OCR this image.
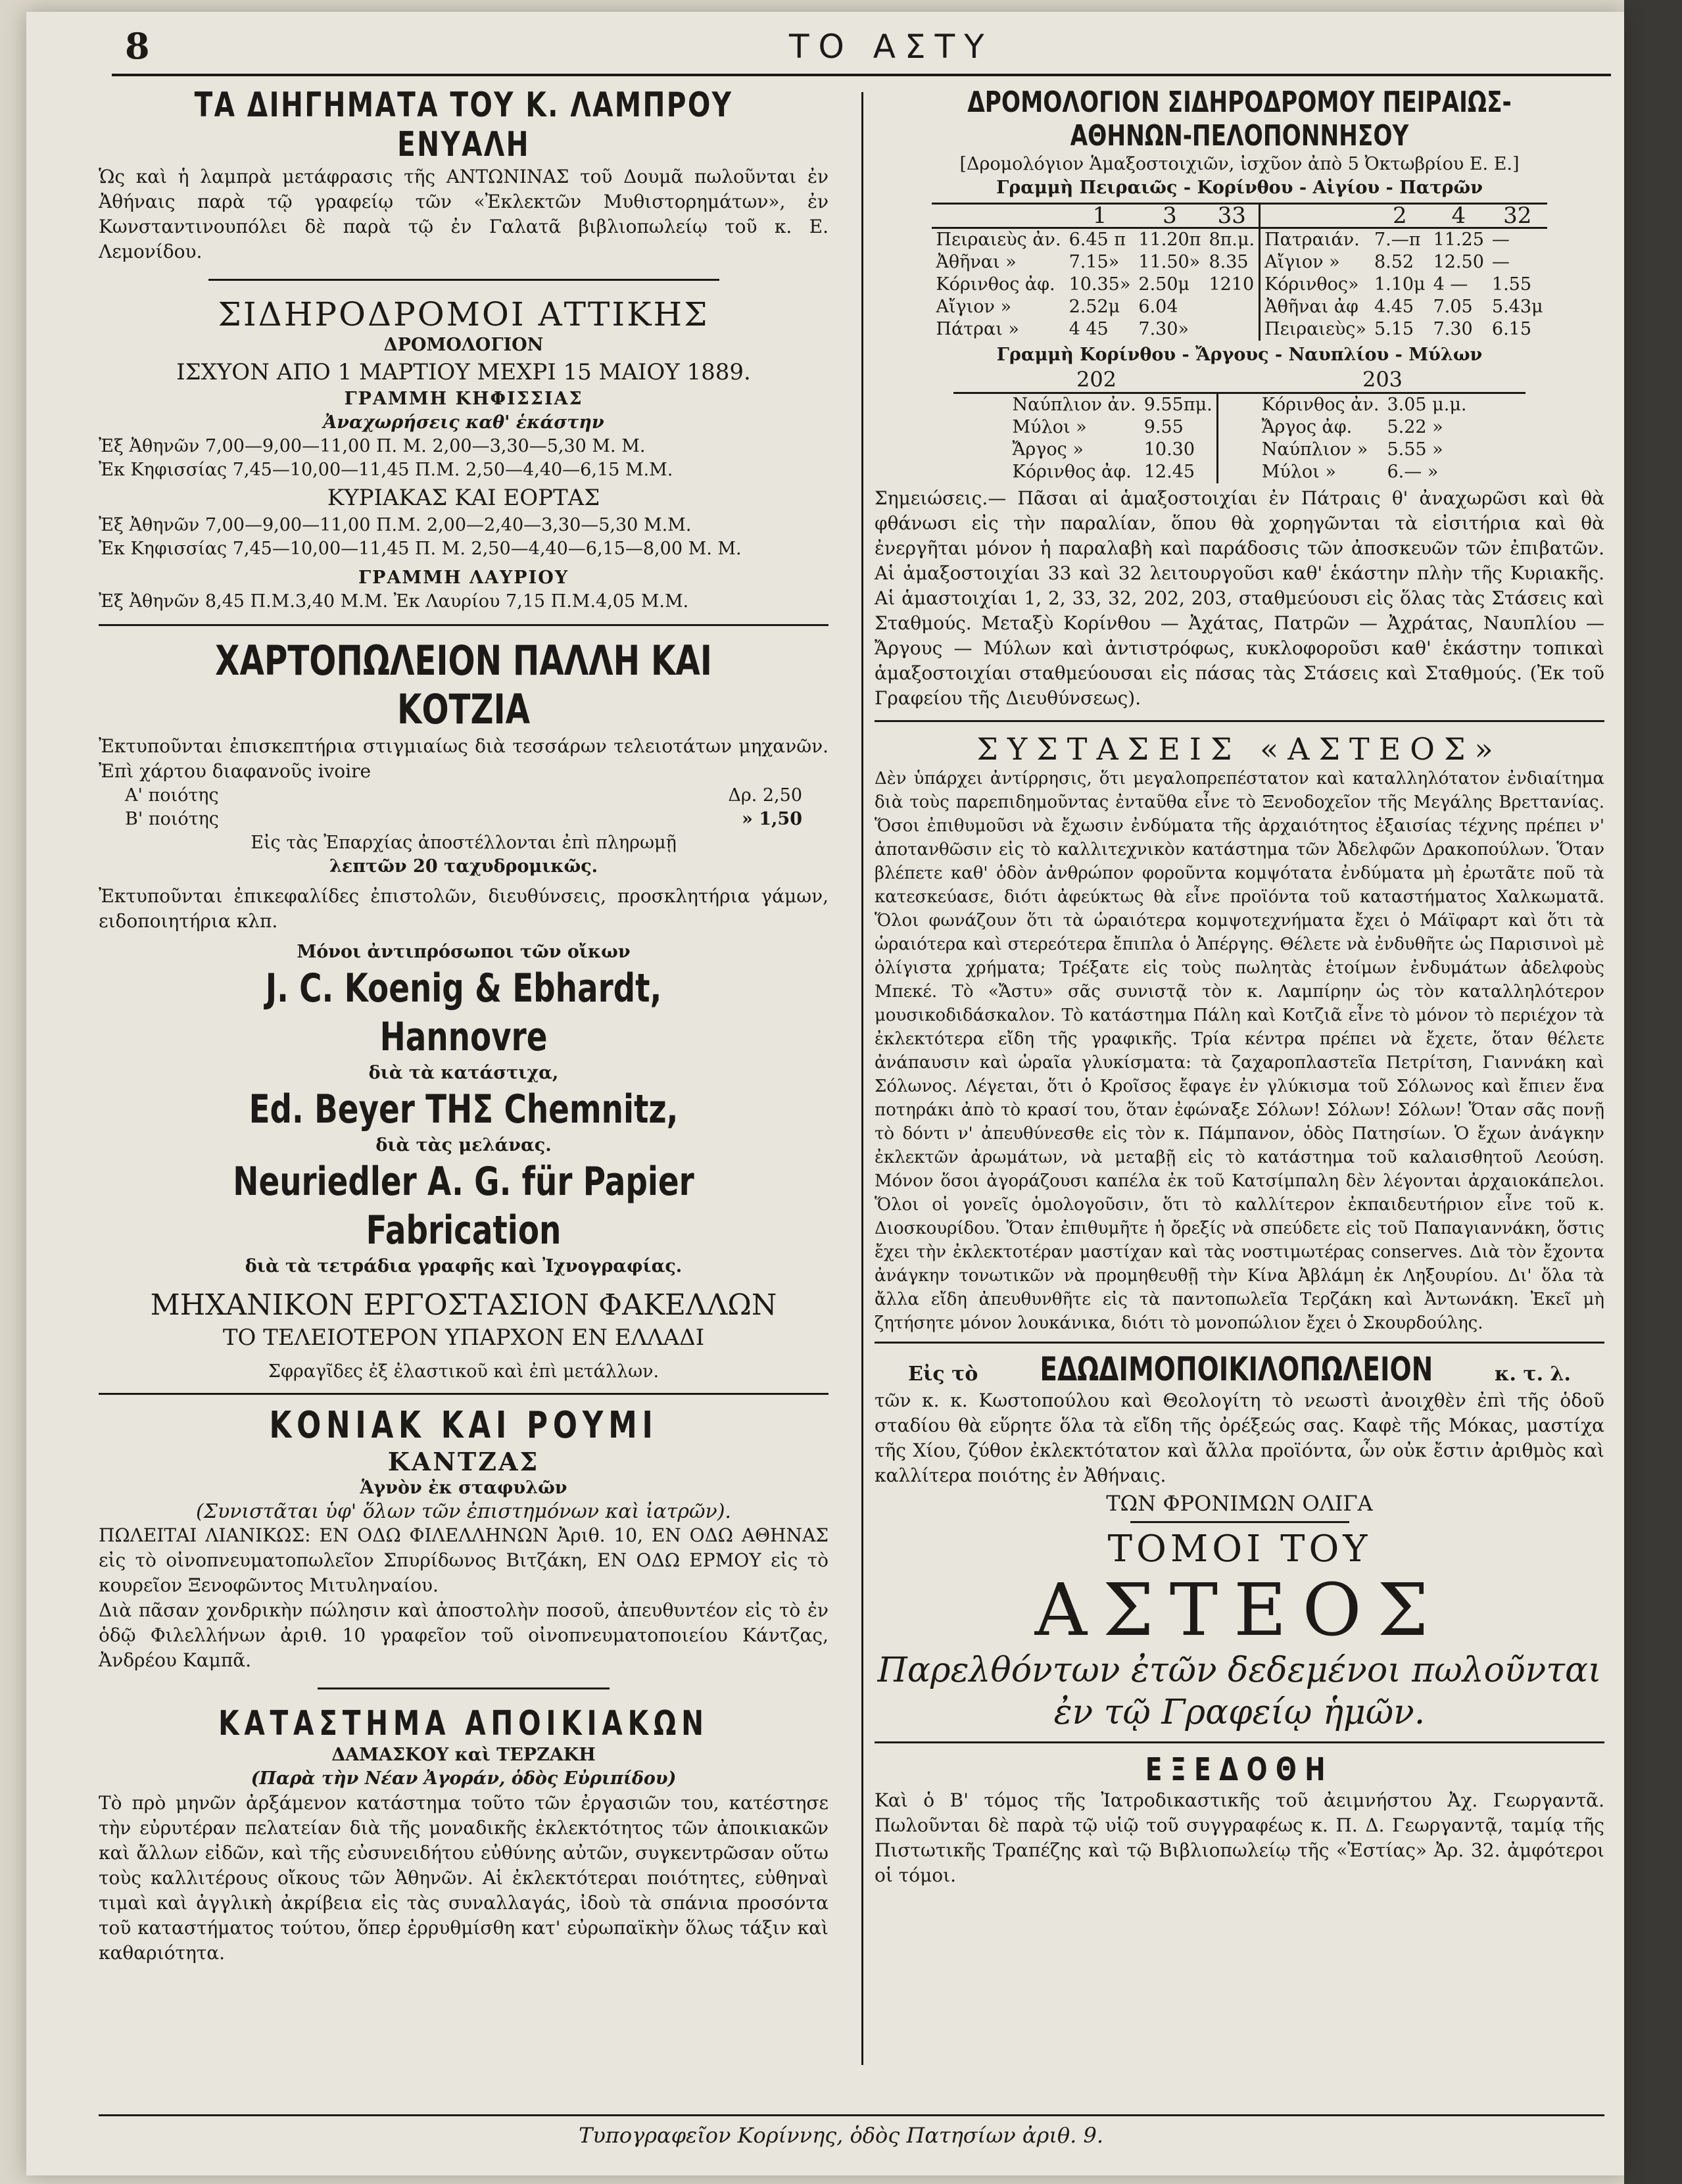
8	ΤΟ ΑΣΤΥ
ΤΑ ΔΙΗΓΗΜΑΤΑ ΤΟΥ Κ. ΛΑΜΠΡΟΥ ΕΝΥΑΛΗ
Ὡς καὶ ἡ λαμπρὰ μετάφρασις τῆς ΑΝΤΩΝΙΝΑΣ τοῦ Δουμᾶ πωλοῦνται ἐν Ἀθήναις παρὰ τῷ γραφείῳ τῶν «Ἐκλεκτῶν Μυθιστορημάτων», ἐν Κωνσταντινουπόλει δὲ παρὰ τῷ ἐν Γαλατᾶ βιβλιοπωλείῳ τοῦ κ. Ε. Λεμονίδου.
ΣΙΔΗΡΟΔΡΟΜΟΙ ΑΤΤΙΚΗΣ
ΔΡΟΜΟΛΟΓΙΟΝ
ΙΣΧΥΟΝ ΑΠΟ 1 ΜΑΡΤΙΟΥ ΜΕΧΡΙ 15 ΜΑΙΟΥ 1889.
ΓΡΑΜΜΗ ΚΗΦΙΣΣΙΑΣ
Ἀναχωρήσεις καθ' ἑκάστην
Ἐξ Ἀθηνῶν 7,00—9,00—11,00 Π. Μ. 2,00—3,30—5,30 Μ. Μ.
Ἐκ Κηφισσίας 7,45—10,00—11,45 Π.Μ. 2,50—4,40—6,15 Μ.Μ.
ΚΥΡΙΑΚΑΣ ΚΑΙ ΕΟΡΤΑΣ
Ἐξ Ἀθηνῶν 7,00—9,00—11,00 Π.Μ. 2,00—2,40—3,30—5,30 Μ.Μ.
Ἐκ Κηφισσίας 7,45—10,00—11,45 Π. Μ. 2,50—4,40—6,15—8,00 Μ. Μ.
ΓΡΑΜΜΗ ΛΑΥΡΙΟΥ
Ἐξ Ἀθηνῶν 8,45 Π.Μ.3,40 Μ.Μ. Ἐκ Λαυρίου 7,15 Π.Μ.4,05 Μ.Μ.
ΧΑΡΤΟΠΩΛΕΙΟΝ ΠΑΛΛΗ ΚΑΙ ΚΟΤΖΙΑ
Ἐκτυποῦνται ἐπισκεπτήρια στιγμιαίως διὰ τεσσάρων τελειοτάτων μηχανῶν. Ἐπὶ χάρτου διαφανοῦς ivoire
Α' ποιότης	Δρ. 2,50
Β' ποιότης	» 1,50
Εἰς τὰς Ἐπαρχίας ἀποστέλλονται ἐπὶ πληρωμῇ
λεπτῶν 20 ταχυδρομικῶς.
Ἐκτυποῦνται ἐπικεφαλίδες ἐπιστολῶν, διευθύνσεις, προσκλητήρια γάμων, ειδοποιητήρια κλπ.
Μόνοι ἀντιπρόσωποι τῶν οἴκων
J. C. Koenig & Ebhardt, Hannovre
διὰ τὰ κατάστιχα,
Ed. Beyer ΤΗΣ Chemnitz,
διὰ τὰς μελάνας.
Neuriedler A. G. für Papier Fabrication
διὰ τὰ τετράδια γραφῆς καὶ Ἰχνογραφίας.
ΜΗΧΑΝΙΚΟΝ ΕΡΓΟΣΤΑΣΙΟΝ ΦΑΚΕΛΛΩΝ
ΤΟ ΤΕΛΕΙΟΤΕΡΟΝ ΥΠΑΡΧΟΝ ΕΝ ΕΛΛΑΔΙ
Σφραγῖδες ἐξ ἐλαστικοῦ καὶ ἐπὶ μετάλλων.
ΚΟΝΙΑΚ ΚΑΙ ΡΟΥΜΙ
ΚΑΝΤΖΑΣ
Ἁγνὸν ἐκ σταφυλῶν
(Συνιστᾶται ὑφ' ὅλων τῶν ἐπιστημόνων καὶ ἰατρῶν).
ΠΩΛΕΙΤΑΙ ΛΙΑΝΙΚΩΣ: ΕΝ ΟΔΩ ΦΙΛΕΛΛΗΝΩΝ Ἀριθ. 10, ΕΝ ΟΔΩ ΑΘΗΝΑΣ εἰς τὸ οἰνοπνευματοπωλεῖον Σπυρίδωνος Βιτζάκη, ΕΝ ΟΔΩ ΕΡΜΟΥ εἰς τὸ κουρεῖον Ξενοφῶντος Μιτυληναίου.
Διὰ πᾶσαν χονδρικὴν πώλησιν καὶ ἀποστολὴν ποσοῦ, ἀπευθυντέον εἰς τὸ ἐν ὁδῷ Φιλελλήνων ἀριθ. 10 γραφεῖον τοῦ οἰνοπνευματοποιείου Κάντζας, Ἀνδρέου Καμπᾶ.
ΚΑΤΑΣΤΗΜΑ ΑΠΟΙΚΙΑΚΩΝ
ΔΑΜΑΣΚΟΥ καὶ ΤΕΡΖΑΚΗ
(Παρὰ τὴν Νέαν Ἀγοράν, ὁδὸς Εὐριπίδου)
Τὸ πρὸ μηνῶν ἀρξάμενον κατάστημα τοῦτο τῶν ἐργασιῶν του, κατέστησε τὴν εὐρυτέραν πελατείαν διὰ τῆς μοναδικῆς ἐκλεκτότητος τῶν ἀποικιακῶν καὶ ἄλλων εἰδῶν, καὶ τῆς εὐσυνειδήτου εὐθύνης αὐτῶν, συγκεντρῶσαν οὕτω τοὺς καλλιτέρους οἴκους τῶν Ἀθηνῶν. Αἱ ἐκλεκτότεραι ποιότητες, εὐθηναὶ τιμαὶ καὶ ἀγγλικὴ ἀκρίβεια εἰς τὰς συναλλαγάς, ἰδοὺ τὰ σπάνια προσόντα τοῦ καταστήματος τούτου, ὅπερ ἐρρυθμίσθη κατ' εὐρωπαϊκὴν ὅλως τάξιν καὶ καθαριότητα.
ΔΡΟΜΟΛΟΓΙΟΝ ΣΙΔΗΡΟΔΡΟΜΟΥ ΠΕΙΡΑΙΩΣ-ΑΘΗΝΩΝ-ΠΕΛΟΠΟΝΝΗΣΟΥ
[Δρομολόγιον Ἁμαξοστοιχιῶν, ἰσχῦον ἀπὸ 5 Ὀκτωβρίου Ε. Ε.]
Γραμμὴ Πειραιῶς - Κορίνθου - Αἰγίου - Πατρῶν
	1	3	33		2	4	32
Πειραιεὺς ἀν.	6.45 π	11.20π	8π.μ.	Πατραιάν.	7.—π	11.25	—
Ἀθῆναι »	7.15»	11.50»	8.35	Αἴγιον »	8.52	12.50	—
Κόρινθος ἀφ.	10.35»	2.50μ	1210	Κόρινθος»	1.10μ	4 —	1.55
Αἴγιον »	2.52μ	6.04		Ἀθῆναι ἀφ	4.45	7.05	5.43μ
Πάτραι »	4 45	7.30»		Πειραιεὺς»	5.15	7.30	6.15
Γραμμὴ Κορίνθου - Ἄργους - Ναυπλίου - Μύλων
202	203
Ναύπλιον ἀν.	9.55πμ.
Μύλοι »	9.55
Ἄργος »	10.30
Κόρινθος ἀφ.	12.45
Κόρινθος ἀν.	3.05 μ.μ.
Ἄργος ἀφ.	5.22 »
Ναύπλιον »	5.55 »
Μύλοι »	6.— »
Σημειώσεις.— Πᾶσαι αἱ ἁμαξοστοιχίαι ἐν Πάτραις θ' ἀναχωρῶσι καὶ θὰ φθάνωσι εἰς τὴν παραλίαν, ὅπου θὰ χορηγῶνται τὰ εἰσιτήρια καὶ θὰ ἐνεργῆται μόνον ἡ παραλαβὴ καὶ παράδοσις τῶν ἀποσκευῶν τῶν ἐπιβατῶν. Αἱ ἁμαξοστοιχίαι 33 καὶ 32 λειτουργοῦσι καθ' ἑκάστην πλὴν τῆς Κυριακῆς. Αἱ ἁμαστοιχίαι 1, 2, 33, 32, 202, 203, σταθμεύουσι εἰς ὅλας τὰς Στάσεις καὶ Σταθμούς. Μεταξὺ Κορίνθου — Ἀχάτας, Πατρῶν — Ἀχράτας, Ναυπλίου — Ἄργους — Μύλων καὶ ἀντιστρόφως, κυκλοφοροῦσι καθ' ἑκάστην τοπικαὶ ἁμαξοστοιχίαι σταθμεύουσαι εἰς πάσας τὰς Στάσεις καὶ Σταθμούς. (Ἐκ τοῦ Γραφείου τῆς Διευθύνσεως).
ΣΥΣΤΑΣΕΙΣ «ΑΣΤΕΟΣ»
Δὲν ὑπάρχει ἀντίρρησις, ὅτι μεγαλοπρεπέστατον καὶ καταλληλότατον ἐνδιαίτημα διὰ τοὺς παρεπιδημοῦντας ἐνταῦθα εἶνε τὸ Ξενοδοχεῖον τῆς Μεγάλης Βρεττανίας. Ὅσοι ἐπιθυμοῦσι νὰ ἔχωσιν ἐνδύματα τῆς ἀρχαιότητος ἐξαισίας τέχνης πρέπει ν' ἀποτανθῶσιν εἰς τὸ καλλιτεχνικὸν κατάστημα τῶν Ἀδελφῶν Δρακοπούλων. Ὅταν βλέπετε καθ' ὁδὸν ἀνθρώπον φοροῦντα κομψότατα ἐνδύματα μὴ ἐρωτᾶτε ποῦ τὰ κατεσκεύασε, διότι ἀφεύκτως θὰ εἶνε προϊόντα τοῦ καταστήματος Χαλκωματᾶ. Ὅλοι φωνάζουν ὅτι τὰ ὡραιότερα κομψοτεχνήματα ἔχει ὁ Μάϊφαρτ καὶ ὅτι τὰ ὡραιότερα καὶ στερεότερα ἔπιπλα ὁ Ἀπέργης. Θέλετε νὰ ἐνδυθῆτε ὡς Παρισινοὶ μὲ ὀλίγιστα χρήματα; Τρέξατε εἰς τοὺς πωλητὰς ἑτοίμων ἐνδυμάτων ἀδελφοὺς Μπεκέ. Τὸ «Ἄστυ» σᾶς συνιστᾷ τὸν κ. Λαμπίρην ὡς τὸν καταλληλότερον μουσικοδιδάσκαλον. Τὸ κατάστημα Πάλη καὶ Κοτζιᾶ εἶνε τὸ μόνον τὸ περιέχον τὰ ἐκλεκτότερα εἴδη τῆς γραφικῆς. Τρία κέντρα πρέπει νὰ ἔχετε, ὅταν θέλετε ἀνάπαυσιν καὶ ὡραῖα γλυκίσματα: τὰ ζαχαροπλαστεῖα Πετρίτση, Γιαννάκη καὶ Σόλωνος. Λέγεται, ὅτι ὁ Κροῖσος ἔφαγε ἐν γλύκισμα τοῦ Σόλωνος καὶ ἔπιεν ἕνα ποτηράκι ἀπὸ τὸ κρασί του, ὅταν ἐφώναξε Σόλων! Σόλων! Σόλων! Ὅταν σᾶς πονῇ τὸ δόντι ν' ἀπευθύνεσθε εἰς τὸν κ. Πάμπανον, ὁδὸς Πατησίων. Ὁ ἔχων ἀνάγκην ἐκλεκτῶν ἀρωμάτων, νὰ μεταβῇ εἰς τὸ κατάστημα τοῦ καλαισθητοῦ Λεούση. Μόνον ὅσοι ἀγοράζουσι καπέλα ἐκ τοῦ Κατσίμπαλη δὲν λέγονται ἀρχαιοκάπελοι. Ὅλοι οἱ γονεῖς ὁμολογοῦσιν, ὅτι τὸ καλλίτερον ἐκπαιδευτήριον εἶνε τοῦ κ. Διοσκουρίδου. Ὅταν ἐπιθυμῆτε ἡ ὄρεξίς νὰ σπεύδετε εἰς τοῦ Παπαγιαννάκη, ὅστις ἔχει τὴν ἐκλεκτοτέραν μαστίχαν καὶ τὰς νοστιμωτέρας conserves. Διὰ τὸν ἔχοντα ἀνάγκην τονωτικῶν νὰ προμηθευθῇ τὴν Κίνα Ἀβλάμη ἐκ Ληξουρίου. Δι' ὅλα τὰ ἄλλα εἴδη ἀπευθυνθῆτε εἰς τὰ παντοπωλεῖα Τερζάκη καὶ Ἀντωνάκη. Ἐκεῖ μὴ ζητήσητε μόνον λουκάνικα, διότι τὸ μονοπώλιον ἔχει ὁ Σκουρδούλης.
Εἰς τὸ ΕΔΩΔΙΜΟΠΟΙΚΙΛΟΠΩΛΕΙΟΝ	κ. τ. λ.
τῶν κ. κ. Κωστοπούλου καὶ Θεολογίτη τὸ νεωστὶ ἀνοιχθὲν ἐπὶ τῆς ὁδοῦ σταδίου θὰ εὕρητε ὅλα τὰ εἴδη τῆς ὀρέξεώς σας. Καφὲ τῆς Μόκας, μαστίχα τῆς Χίου, ζύθον ἐκλεκτότατον καὶ ἄλλα προϊόντα, ὧν οὐκ ἔστιν ἀριθμὸς καὶ καλλίτερα ποιότης ἐν Ἀθήναις.
ΤΩΝ ΦΡΟΝΙΜΩΝ ΟΛΙΓΑ
ΤΟΜΟΙ ΤΟΥ
ΑΣΤΕΟΣ
Παρελθόντων ἐτῶν δεδεμένοι πωλοῦνται
ἐν τῷ Γραφείῳ ἡμῶν.
ΕΞΕΔΟΘΗ
Καὶ ὁ Β' τόμος τῆς Ἰατροδικαστικῆς τοῦ ἀειμνήστου Ἀχ. Γεωργαντᾶ. Πωλοῦνται δὲ παρὰ τῷ υἱῷ τοῦ συγγραφέως κ. Π. Δ. Γεωργαντᾷ, ταμίᾳ τῆς Πιστωτικῆς Τραπέζης καὶ τῷ Βιβλιοπωλείῳ τῆς «Ἑστίας» Ἀρ. 32. ἀμφότεροι οἱ τόμοι.
Τυπογραφεῖον Κορίννης, ὁδὸς Πατησίων ἀριθ. 9.
